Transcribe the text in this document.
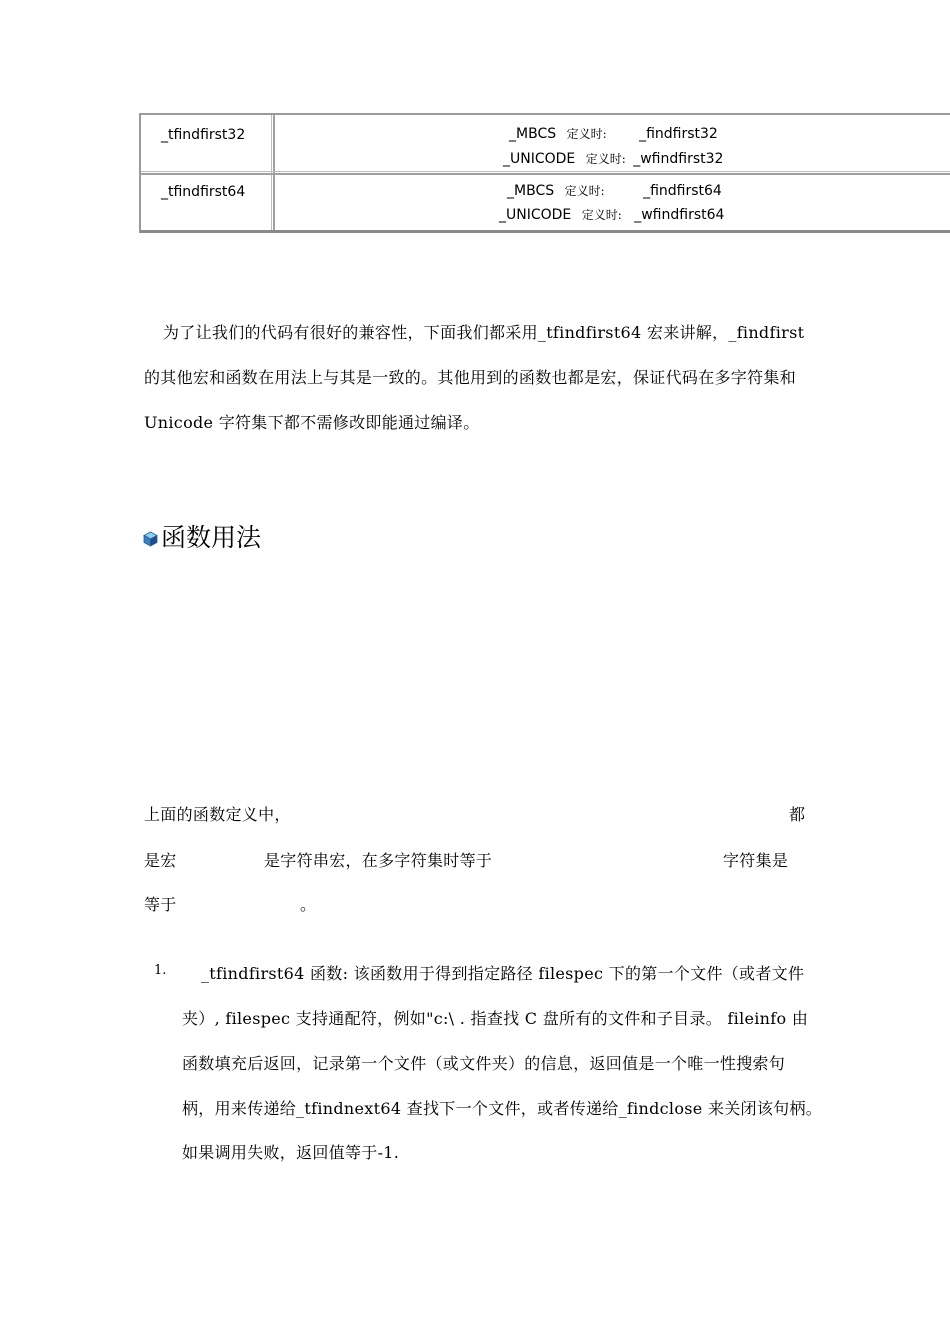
_tfindfirst32	_MBCS 定义时: _findfirst32
_UNICODE 定义时: _wfindfirst32
_tfindfirst64	_MBCS 定义时:	_findfirst64
_UNICODE 定义时: _wfindfirst64
为了让我们的代码有很好的兼容性，下面我们都采用_tfindfirst64 宏来讲解，_findfirst
的其他宏和函数在用法上与其是一致的。其他用到的函数也都是宏，保证代码在多字符集和
Unicode 字符集下都不需修改即能通过编译。
函数用法
上面的函数定义中，	都
是宏	是字符串宏，在多字符集时等于	字符集是
等于	。
1. _tfindfirst64 函数: 该函数用于得到指定路径 filespec 下的第一个文件（或者文件
夹）, filespec 支持通配符，例如"c:\ . 指查找 C 盘所有的文件和子目录。 fileinfo 由
函数填充后返回，记录第一个文件（或文件夹）的信息，返回值是一个唯一性搜索句
柄，用来传递给_tfindnext64 查找下一个文件，或者传递给_findclose 来关闭该句柄。
如果调用失败，返回值等于-1.
